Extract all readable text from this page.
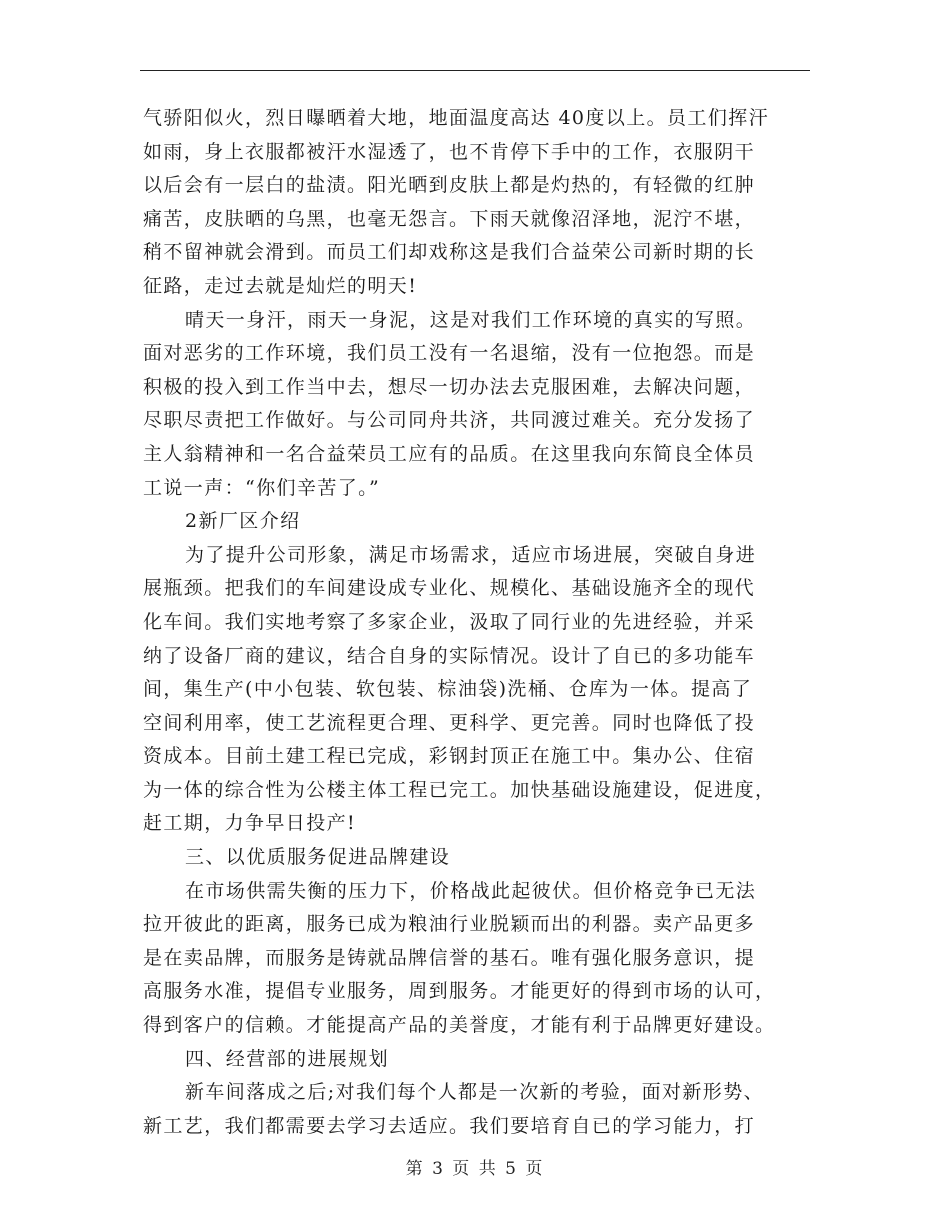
气骄阳似火，烈日曝晒着大地，地面温度高达 40度以上。员工们挥汗
如雨，身上衣服都被汗水湿透了，也不肯停下手中的工作，衣服阴干
以后会有一层白的盐渍。阳光晒到皮肤上都是灼热的，有轻微的红肿
痛苦，皮肤晒的乌黑，也毫无怨言。下雨天就像沼泽地，泥泞不堪，
稍不留神就会滑到。而员工们却戏称这是我们合益荣公司新时期的长
征路，走过去就是灿烂的明天!
晴天一身汗，雨天一身泥，这是对我们工作环境的真实的写照。
面对恶劣的工作环境，我们员工没有一名退缩，没有一位抱怨。而是
积极的投入到工作当中去，想尽一切办法去克服困难，去解决问题，
尽职尽责把工作做好。与公司同舟共济，共同渡过难关。充分发扬了
主人翁精神和一名合益荣员工应有的品质。在这里我向东简良全体员
工说一声：“你们辛苦了。”
2新厂区介绍
为了提升公司形象，满足市场需求，适应市场进展，突破自身进
展瓶颈。把我们的车间建设成专业化、规模化、基础设施齐全的现代
化车间。我们实地考察了多家企业，汲取了同行业的先进经验，并采
纳了设备厂商的建议，结合自身的实际情况。设计了自已的多功能车
间，集生产(中小包装、软包装、棕油袋)洗桶、仓库为一体。提高了
空间利用率，使工艺流程更合理、更科学、更完善。同时也降低了投
资成本。目前土建工程已完成，彩钢封顶正在施工中。集办公、住宿
为一体的综合性为公楼主体工程已完工。加快基础设施建设，促进度，
赶工期，力争早日投产!
三、以优质服务促进品牌建设
在市场供需失衡的压力下，价格战此起彼伏。但价格竞争已无法
拉开彼此的距离，服务已成为粮油行业脱颖而出的利器。卖产品更多
是在卖品牌，而服务是铸就品牌信誉的基石。唯有强化服务意识，提
高服务水准，提倡专业服务，周到服务。才能更好的得到市场的认可，
得到客户的信赖。才能提高产品的美誉度，才能有利于品牌更好建设。
四、经营部的进展规划
新车间落成之后;对我们每个人都是一次新的考验，面对新形势、
新工艺，我们都需要去学习去适应。我们要培育自已的学习能力，打
第 3 页 共 5 页
